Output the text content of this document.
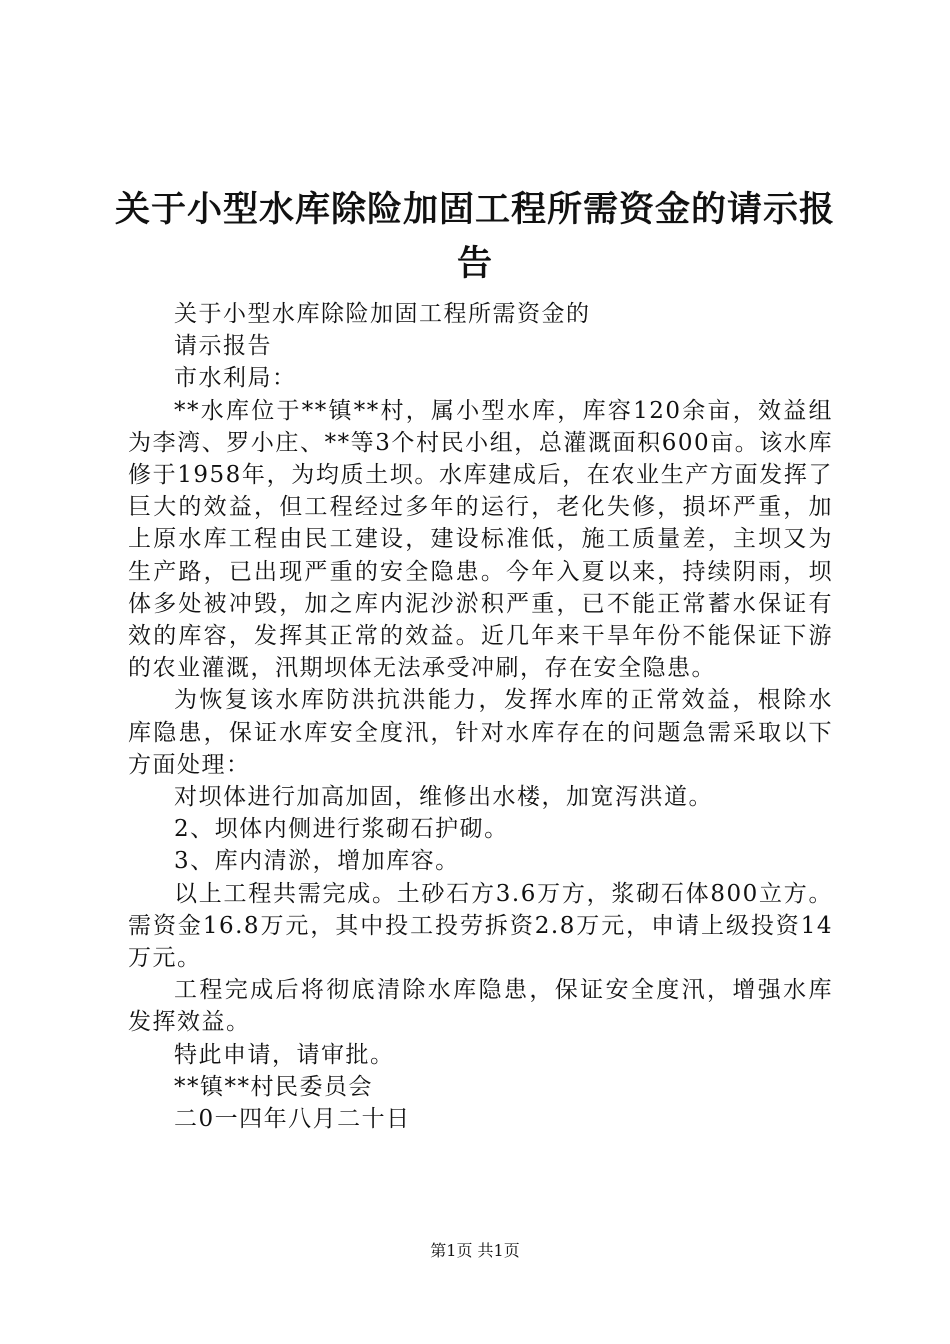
关于小型水库除险加固工程所需资金的请示报
告

关于小型水库除险加固工程所需资金的

请示报告

市水利局：

**水库位于**镇**村，属小型水库，库容120余亩，效益组为李湾、罗小庄、**等3个村民小组，总灌溉面积600亩。该水库修于1958年，为均质土坝。水库建成后，在农业生产方面发挥了巨大的效益，但工程经过多年的运行，老化失修，损坏严重，加上原水库工程由民工建设，建设标准低，施工质量差，主坝又为生产路，已出现严重的安全隐患。今年入夏以来，持续阴雨，坝体多处被冲毁，加之库内泥沙淤积严重，已不能正常蓄水保证有效的库容，发挥其正常的效益。近几年来干旱年份不能保证下游的农业灌溉，汛期坝体无法承受冲刷，存在安全隐患。

为恢复该水库防洪抗洪能力，发挥水库的正常效益，根除水库隐患，保证水库安全度汛，针对水库存在的问题急需采取以下方面处理：

对坝体进行加高加固，维修出水楼，加宽泻洪道。

2、坝体内侧进行浆砌石护砌。

3、库内清淤，增加库容。

以上工程共需完成。土砂石方3.6万方，浆砌石体800立方。需资金16.8万元，其中投工投劳拆资2.8万元，申请上级投资14万元。

工程完成后将彻底清除水库隐患，保证安全度汛，增强水库发挥效益。

特此申请，请审批。

**镇**村民委员会

二0一四年八月二十日

第1页 共1页
